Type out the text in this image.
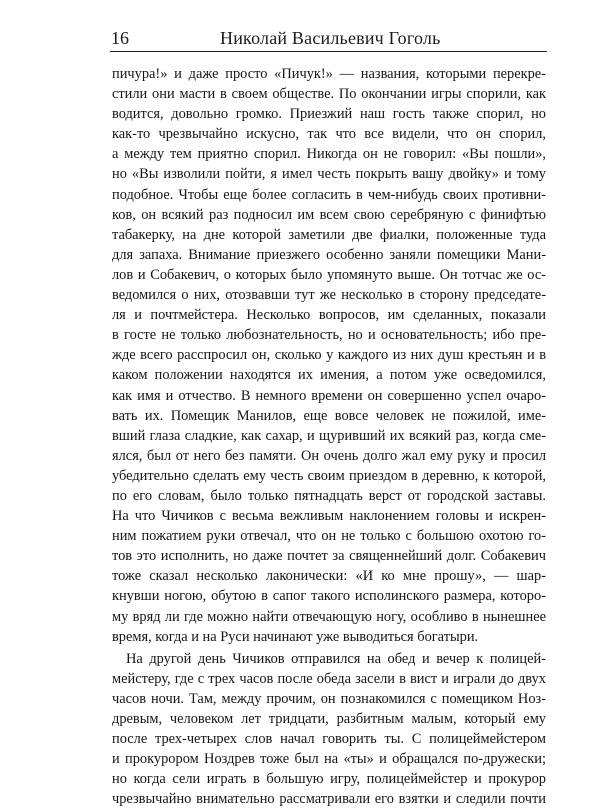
16	Николай Васильевич Гоголь
пичура!» и даже просто «Пичук!» — названия, которыми перекре-
стили они масти в своем обществе. По окончании игры спорили, как
водится, довольно громко. Приезжий наш гость также спорил, но
как-то чрезвычайно искусно, так что все видели, что он спорил,
а между тем приятно спорил. Никогда он не говорил: «Вы пошли»,
но «Вы изволили пойти, я имел честь покрыть вашу двойку» и тому
подобное. Чтобы еще более согласить в чем-нибудь своих противни-
ков, он всякий раз подносил им всем свою серебряную с финифтью
табакерку, на дне которой заметили две фиалки, положенные туда
для запаха. Внимание приезжего особенно заняли помещики Мани-
лов и Собакевич, о которых было упомянуто выше. Он тотчас же ос-
ведомился о них, отозвавши тут же несколько в сторону председате-
ля и почтмейстера. Несколько вопросов, им сделанных, показали
в госте не только любознательность, но и основательность; ибо пре-
жде всего расспросил он, сколько у каждого из них душ крестьян и в
каком положении находятся их имения, а потом уже осведомился,
как имя и отчество. В немного времени он совершенно успел очаро-
вать их. Помещик Манилов, еще вовсе человек не пожилой, име-
вший глаза сладкие, как сахар, и щуривший их всякий раз, когда сме-
ялся, был от него без памяти. Он очень долго жал ему руку и просил
убедительно сделать ему честь своим приездом в деревню, к которой,
по его словам, было только пятнадцать верст от городской заставы.
На что Чичиков с весьма вежливым наклонением головы и искрен-
ним пожатием руки отвечал, что он не только с большою охотою го-
тов это исполнить, но даже почтет за священнейший долг. Собакевич
тоже сказал несколько лаконически: «И ко мне прошу», — шар-
кнувши ногою, обутою в сапог такого исполинского размера, которо-
му вряд ли где можно найти отвечающую ногу, особливо в нынешнее
время, когда и на Руси начинают уже выводиться богатыри.
На другой день Чичиков отправился на обед и вечер к полицей-
мейстеру, где с трех часов после обеда засели в вист и играли до двух
часов ночи. Там, между прочим, он познакомился с помещиком Ноз-
древым, человеком лет тридцати, разбитным малым, который ему
после трех-четырех слов начал говорить ты. С полицеймейстером
и прокурором Ноздрев тоже был на «ты» и обращался по-дружески;
но когда сели играть в большую игру, полицеймейстер и прокурор
чрезвычайно внимательно рассматривали его взятки и следили почти
